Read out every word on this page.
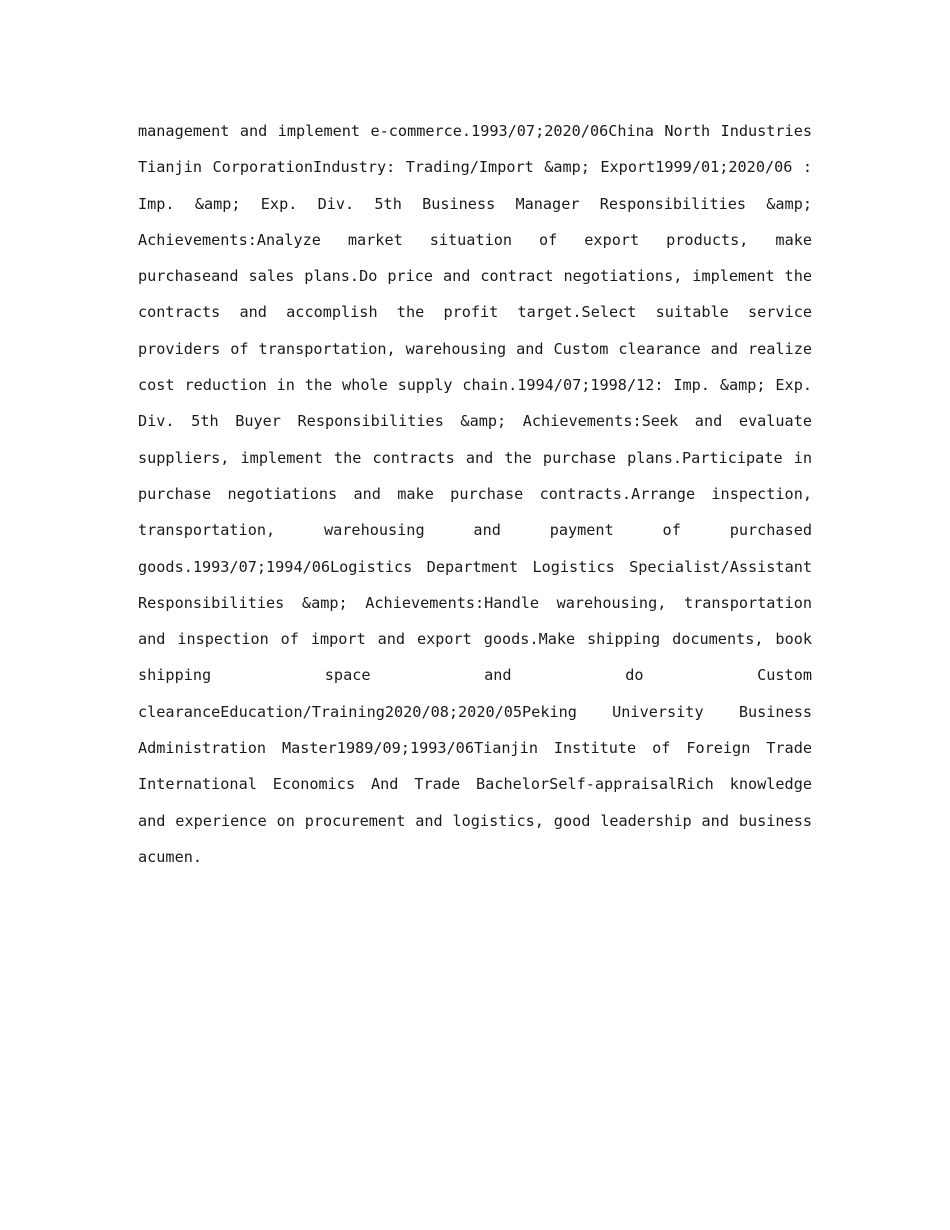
management and implement e-commerce.1993/07;2020/06China North Industries Tianjin CorporationIndustry: Trading/Import &amp; Export1999/01;2020/06 : Imp. &amp; Exp. Div. 5th Business Manager Responsibilities &amp; Achievements:Analyze market situation of export products, make purchaseand sales plans.Do price and contract negotiations, implement the contracts and accomplish the profit target.Select suitable service providers of transportation, warehousing and Custom clearance and realize cost reduction in the whole supply chain.1994/07;1998/12: Imp. &amp; Exp. Div. 5th Buyer Responsibilities &amp; Achievements:Seek and evaluate suppliers, implement the contracts and the purchase plans.Participate in purchase negotiations and make purchase contracts.Arrange inspection, transportation, warehousing and payment of purchased goods.1993/07;1994/06Logistics Department Logistics Specialist/Assistant Responsibilities &amp; Achievements:Handle warehousing, transportation and inspection of import and export goods.Make shipping documents, book shipping space and do Custom clearanceEducation/Training2020/08;2020/05Peking University Business Administration Master1989/09;1993/06Tianjin Institute of Foreign Trade International Economics And Trade BachelorSelf-appraisalRich knowledge and experience on procurement and logistics, good leadership and business acumen.
